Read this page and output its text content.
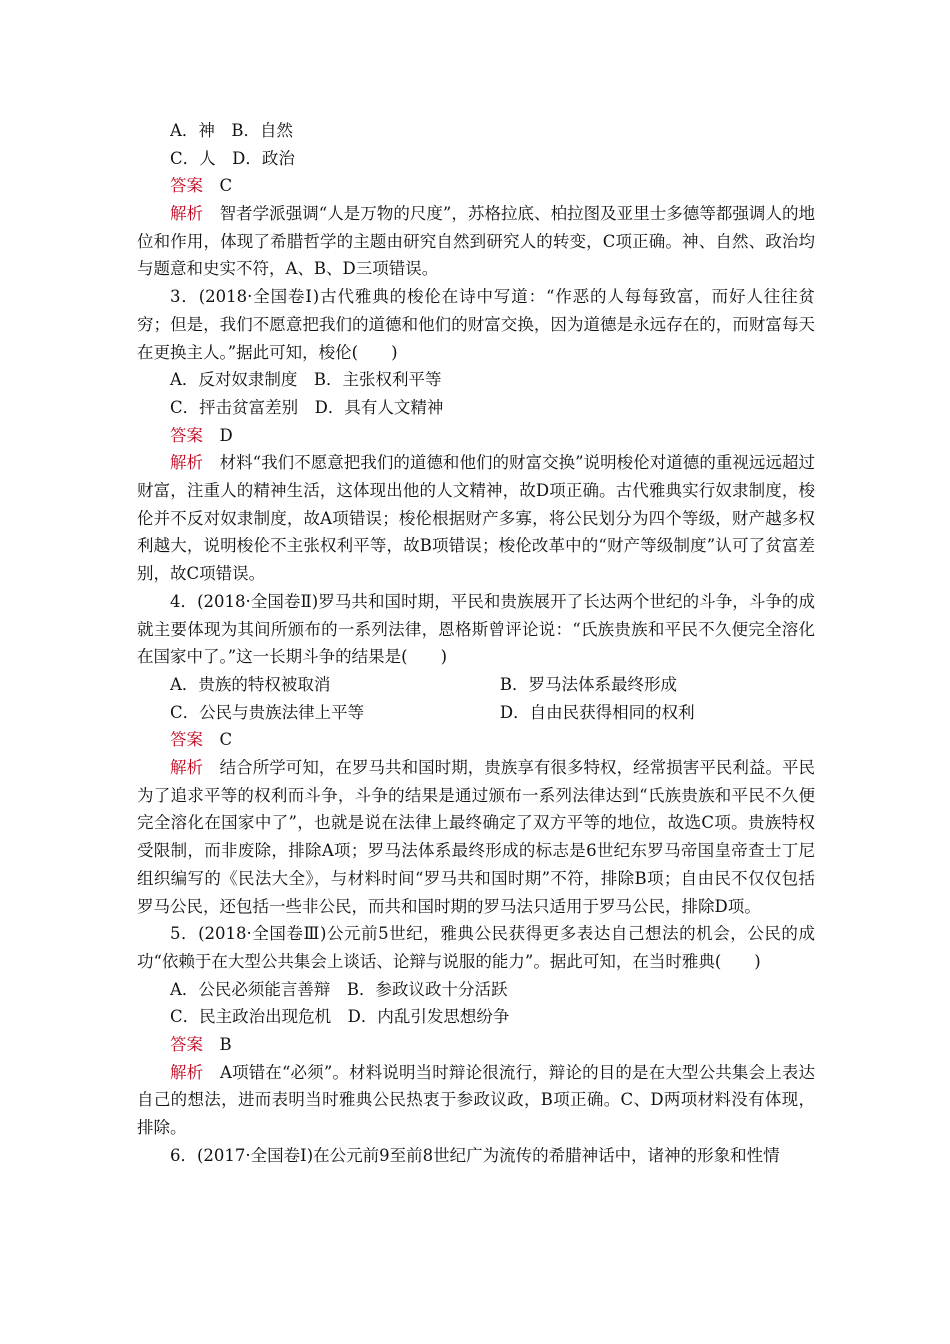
A．神　B．自然
C．人　D．政治
答案　 C

解析　 智者学派强调“人是万物的尺度”，苏格拉底、柏拉图及亚里士多德等都强调人的地位和作用，体现了希腊哲学的主题由研究自然到研究人的转变，C项正确。神、自然、政治均与题意和史实不符，A、B、D三项错误。

3．(2018·全国卷Ⅰ)古代雅典的梭伦在诗中写道：“作恶的人每每致富，而好人往往贫穷；但是，我们不愿意把我们的道德和他们的财富交换，因为道德是永远存在的，而财富每天在更换主人。”据此可知，梭伦(　　)

A．反对奴隶制度　B．主张权利平等
C．抨击贫富差别　D．具有人文精神
答案　 D

解析　 材料“我们不愿意把我们的道德和他们的财富交换”说明梭伦对道德的重视远远超过财富，注重人的精神生活，这体现出他的人文精神，故D项正确。古代雅典实行奴隶制度，梭伦并不反对奴隶制度，故A项错误；梭伦根据财产多寡，将公民划分为四个等级，财产越多权利越大，说明梭伦不主张权利平等，故B项错误；梭伦改革中的“财产等级制度”认可了贫富差别，故C项错误。

4．(2018·全国卷Ⅱ)罗马共和国时期，平民和贵族展开了长达两个世纪的斗争，斗争的成就主要体现为其间所颁布的一系列法律，恩格斯曾评论说：“氏族贵族和平民不久便完全溶化在国家中了。”这一长期斗争的结果是(　　)

A．贵族的特权被取消	B．罗马法体系最终形成
C．公民与贵族法律上平等	D．自由民获得相同的权利
答案　 C

解析　 结合所学可知，在罗马共和国时期，贵族享有很多特权，经常损害平民利益。平民为了追求平等的权利而斗争，斗争的结果是通过颁布一系列法律达到“氏族贵族和平民不久便完全溶化在国家中了”，也就是说在法律上最终确定了双方平等的地位，故选C项。贵族特权受限制，而非废除，排除A项；罗马法体系最终形成的标志是6世纪东罗马帝国皇帝查士丁尼组织编写的《民法大全》，与材料时间“罗马共和国时期”不符，排除B项；自由民不仅仅包括罗马公民，还包括一些非公民，而共和国时期的罗马法只适用于罗马公民，排除D项。

5．(2018·全国卷Ⅲ)公元前5世纪，雅典公民获得更多表达自己想法的机会，公民的成功“依赖于在大型公共集会上谈话、论辩与说服的能力”。据此可知，在当时雅典(　　)

A．公民必须能言善辩　B．参政议政十分活跃
C．民主政治出现危机　D．内乱引发思想纷争
答案　 B

解析　 A项错在“必须”。材料说明当时辩论很流行，辩论的目的是在大型公共集会上表达自己的想法，进而表明当时雅典公民热衷于参政议政，B项正确。C、D两项材料没有体现，排除。

6．(2017·全国卷Ⅰ)在公元前9至前8世纪广为流传的希腊神话中，诸神的形象和性情
